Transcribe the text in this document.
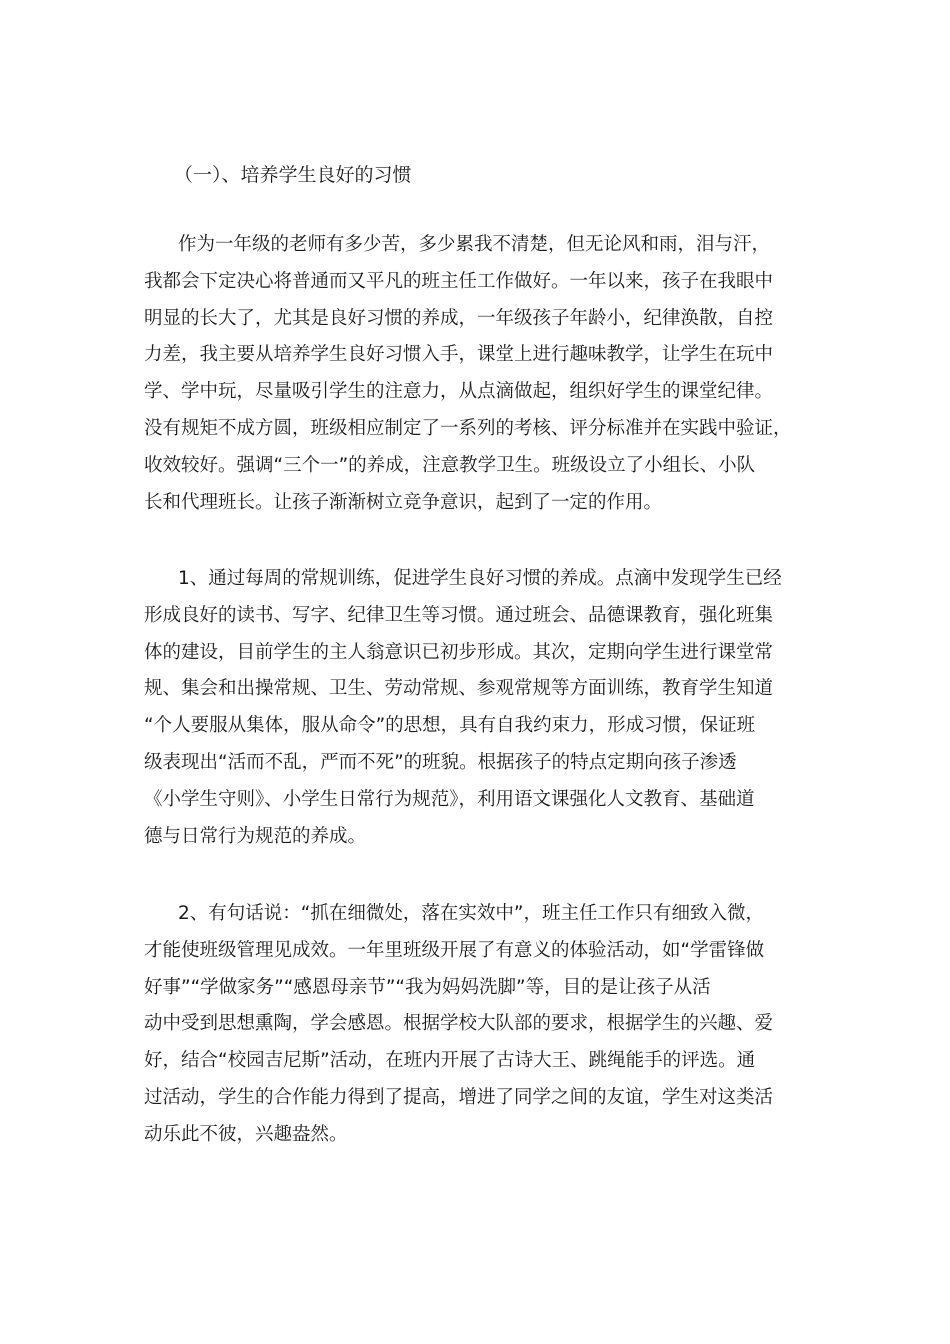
（一）、培养学生良好的习惯
作为一年级的老师有多少苦，多少累我不清楚，但无论风和雨，泪与汗，
我都会下定决心将普通而又平凡的班主任工作做好。一年以来，孩子在我眼中
明显的长大了，尤其是良好习惯的养成，一年级孩子年龄小，纪律涣散，自控
力差，我主要从培养学生良好习惯入手，课堂上进行趣味教学，让学生在玩中
学、学中玩，尽量吸引学生的注意力，从点滴做起，组织好学生的课堂纪律。
没有规矩不成方圆，班级相应制定了一系列的考核、评分标准并在实践中验证，
收效较好。强调“三个一”的养成，注意教学卫生。班级设立了小组长、小队
长和代理班长。让孩子渐渐树立竞争意识，起到了一定的作用。
1、通过每周的常规训练，促进学生良好习惯的养成。点滴中发现学生已经
形成良好的读书、写字、纪律卫生等习惯。通过班会、品德课教育，强化班集
体的建设，目前学生的主人翁意识已初步形成。其次，定期向学生进行课堂常
规、集会和出操常规、卫生、劳动常规、参观常规等方面训练，教育学生知道
“个人要服从集体，服从命令”的思想，具有自我约束力，形成习惯，保证班
级表现出“活而不乱，严而不死”的班貌。根据孩子的特点定期向孩子渗透
《小学生守则》、小学生日常行为规范》，利用语文课强化人文教育、基础道
德与日常行为规范的养成。
2、有句话说：“抓在细微处，落在实效中”，班主任工作只有细致入微，
才能使班级管理见成效。一年里班级开展了有意义的体验活动，如“学雷锋做
好事”“学做家务”“感恩母亲节”“我为妈妈洗脚”等，目的是让孩子从活
动中受到思想熏陶，学会感恩。根据学校大队部的要求，根据学生的兴趣、爱
好，结合“校园吉尼斯”活动，在班内开展了古诗大王、跳绳能手的评选。通
过活动，学生的合作能力得到了提高，增进了同学之间的友谊，学生对这类活
动乐此不彼，兴趣盎然。
